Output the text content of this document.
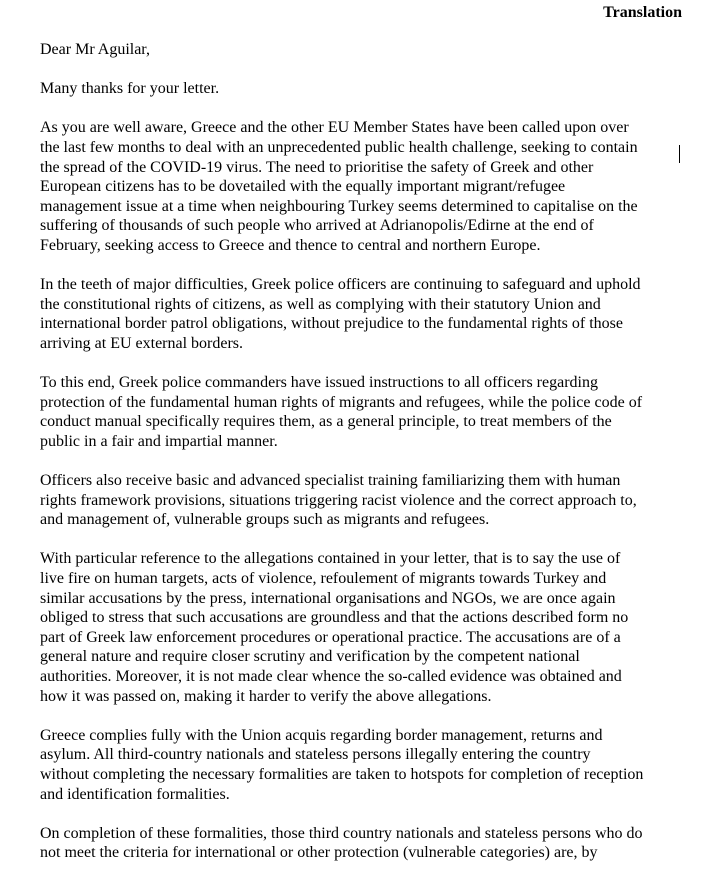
Translation

Dear Mr Aguilar,

Many thanks for your letter.

As you are well aware, Greece and the other EU Member States have been called upon over
the last few months to deal with an unprecedented public health challenge, seeking to contain
the spread of the COVID-19 virus. The need to prioritise the safety of Greek and other
European citizens has to be dovetailed with the equally important migrant/refugee
management issue at a time when neighbouring Turkey seems determined to capitalise on the
suffering of thousands of such people who arrived at Adrianopolis/Edirne at the end of
February, seeking access to Greece and thence to central and northern Europe.

In the teeth of major difficulties, Greek police officers are continuing to safeguard and uphold
the constitutional rights of citizens, as well as complying with their statutory Union and
international border patrol obligations, without prejudice to the fundamental rights of those
arriving at EU external borders.

To this end, Greek police commanders have issued instructions to all officers regarding
protection of the fundamental human rights of migrants and refugees, while the police code of
conduct manual specifically requires them, as a general principle, to treat members of the
public in a fair and impartial manner.

Officers also receive basic and advanced specialist training familiarizing them with human
rights framework provisions, situations triggering racist violence and the correct approach to,
and management of, vulnerable groups such as migrants and refugees.

With particular reference to the allegations contained in your letter, that is to say the use of
live fire on human targets, acts of violence, refoulement of migrants towards Turkey and
similar accusations by the press, international organisations and NGOs, we are once again
obliged to stress that such accusations are groundless and that the actions described form no
part of Greek law enforcement procedures or operational practice. The accusations are of a
general nature and require closer scrutiny and verification by the competent national
authorities. Moreover, it is not made clear whence the so-called evidence was obtained and
how it was passed on, making it harder to verify the above allegations.

Greece complies fully with the Union acquis regarding border management, returns and
asylum. All third-country nationals and stateless persons illegally entering the country
without completing the necessary formalities are taken to hotspots for completion of reception
and identification formalities.

On completion of these formalities, those third country nationals and stateless persons who do
not meet the criteria for international or other protection (vulnerable categories) are, by
